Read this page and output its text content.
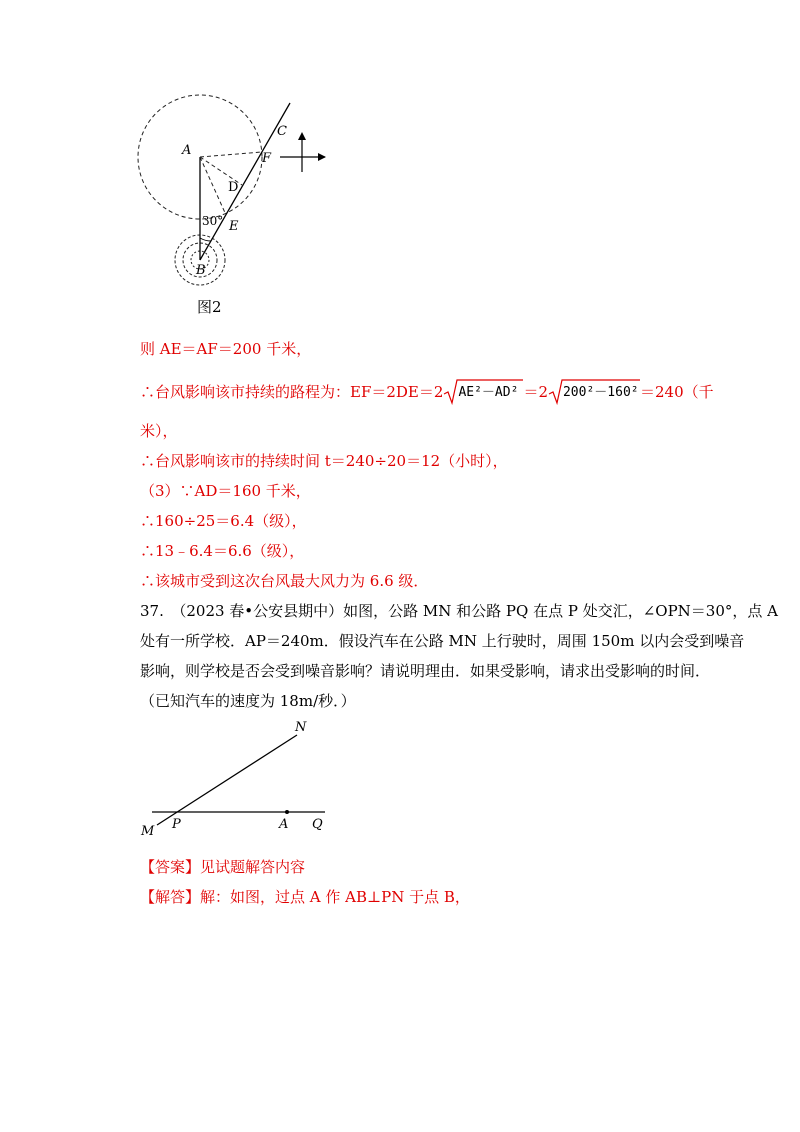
A
B
C
D
E
F
30°
图2
则 AE＝AF＝200 千米，
∴台风影响该市持续的路程为：EF＝2DE＝2 AE²－AD² ＝2 200²－160² ＝240（千
米），
∴台风影响该市的持续时间 t＝240÷20＝12（小时），
（3）∵AD＝160 千米，
∴160÷25＝6.4（级），
∴13﹣6.4＝6.6（级），
∴该城市受到这次台风最大风力为 6.6 级．
37.　（2023 春•公安县期中）如图，公路 MN 和公路 PQ 在点 P 处交汇，∠OPN＝30°，点 A
处有一所学校．AP＝240m．假设汽车在公路 MN 上行驶时，周围 150m 以内会受到噪音
影响，则学校是否会受到噪音影响？请说明理由．如果受影响，请求出受影响的时间．
（已知汽车的速度为 18m/秒．）
N
M P	A Q
【答案】见试题解答内容
【解答】解：如图，过点 A 作 AB⊥PN 于点 B，
